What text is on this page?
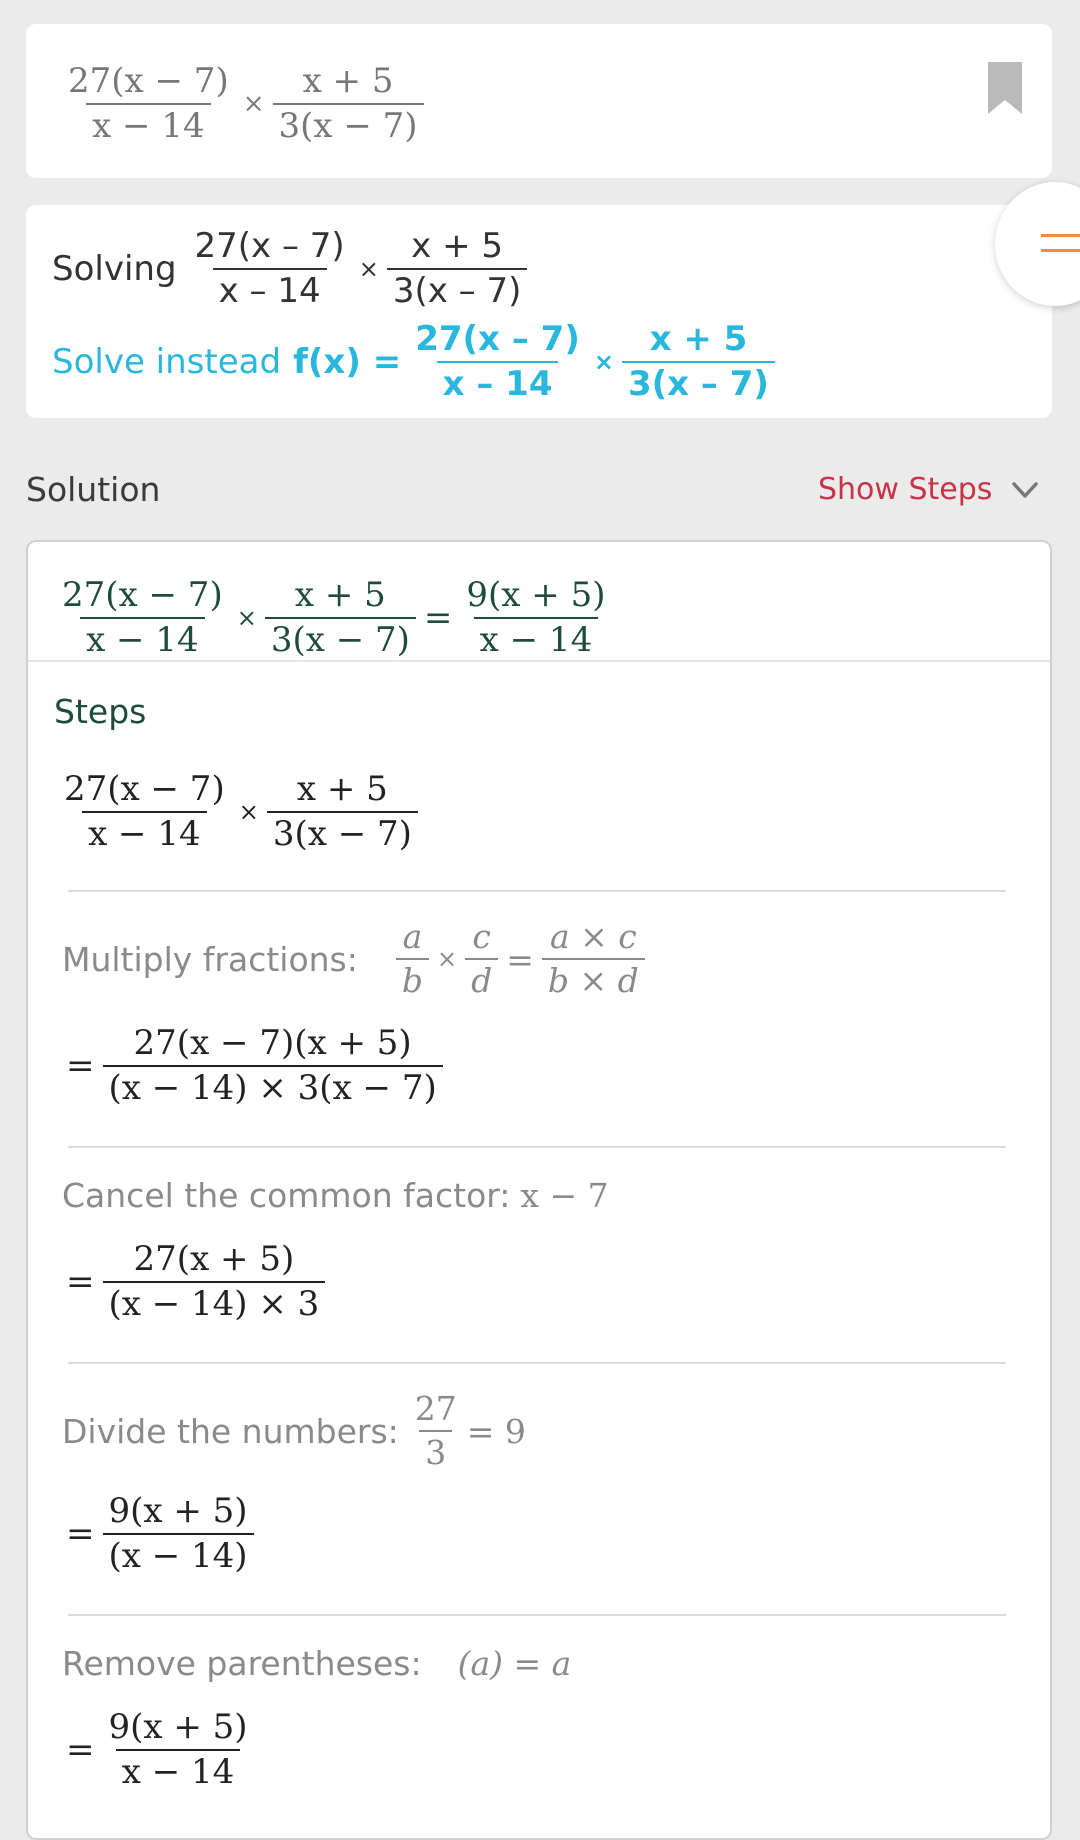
$\frac{27(x - 7)}{x - 14} \times \frac{x + 5}{3(x - 7)}$
Solving $\frac{27(x - 7)}{x - 14} \times \frac{x + 5}{3(x - 7)}$
Solve instead $f(x) = \frac{27(x - 7)}{x - 14} \times \frac{x + 5}{3(x - 7)}$
Solution	Show Steps
$\frac{27(x - 7)}{x - 14} \times \frac{x + 5}{3(x - 7)} = \frac{9(x + 5)}{x - 14}$
Steps
$\frac{27(x - 7)}{x - 14} \times \frac{x + 5}{3(x - 7)}$
Multiply fractions: $\frac{a}{b} \times \frac{c}{d} = \frac{a \times c}{b \times d}$
= $\frac{27(x - 7)(x + 5)}{(x - 14) \times 3(x - 7)}$
Cancel the common factor: x − 7
= $\frac{27(x + 5)}{(x - 14) \times 3}$
Divide the numbers: $\frac{27}{3} = 9$
= $\frac{9(x + 5)}{(x - 14)}$
Remove parentheses: (a) = a
= $\frac{9(x + 5)}{x - 14}$
